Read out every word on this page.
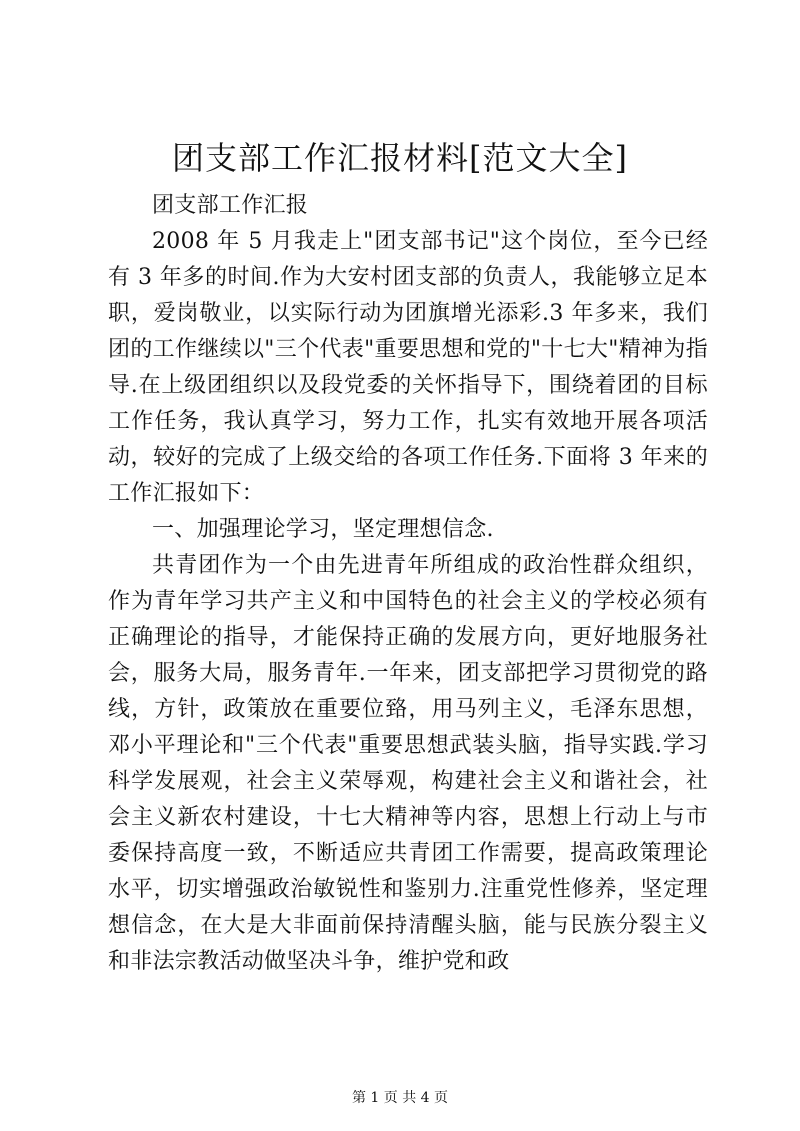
团支部工作汇报材料[范文大全]

团支部工作汇报

2008 年 5 月我走上"团支部书记"这个岗位，至今已经有 3 年多的时间.作为大安村团支部的负责人，我能够立足本职，爱岗敬业，以实际行动为团旗增光添彩.3 年多来，我们团的工作继续以"三个代表"重要思想和党的"十七大"精神为指导.在上级团组织以及段党委的关怀指导下，围绕着团的目标工作任务，我认真学习，努力工作，扎实有效地开展各项活动，较好的完成了上级交给的各项工作任务.下面将 3 年来的工作汇报如下：

一、加强理论学习，坚定理想信念.

共青团作为一个由先进青年所组成的政治性群众组织，作为青年学习共产主义和中国特色的社会主义的学校必须有正确理论的指导，才能保持正确的发展方向，更好地服务社会，服务大局，服务青年.一年来，团支部把学习贯彻党的路线，方针，政策放在重要位臵，用马列主义，毛泽东思想，邓小平理论和"三个代表"重要思想武装头脑，指导实践.学习科学发展观，社会主义荣辱观，构建社会主义和谐社会，社会主义新农村建设，十七大精神等内容，思想上行动上与市委保持高度一致，不断适应共青团工作需要，提高政策理论水平，切实增强政治敏锐性和鉴别力.注重党性修养，坚定理想信念，在大是大非面前保持清醒头脑，能与民族分裂主义和非法宗教活动做坚决斗争，维护党和政

第 1 页 共 4 页
